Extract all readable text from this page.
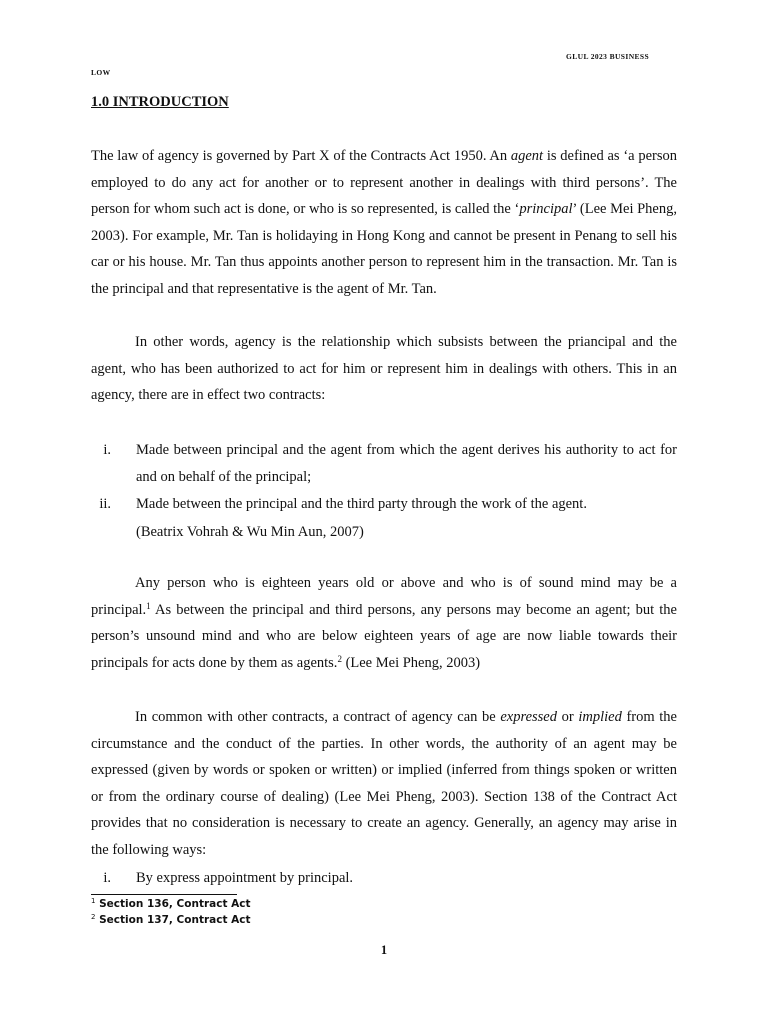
GLUL 2023 BUSINESS
LOW
1.0 INTRODUCTION

The law of agency is governed by Part X of the Contracts Act 1950. An agent is defined as ‘a person employed to do any act for another or to represent another in dealings with third persons’. The person for whom such act is done, or who is so represented, is called the ‘principal’ (Lee Mei Pheng, 2003). For example, Mr. Tan is holidaying in Hong Kong and cannot be present in Penang to sell his car or his house. Mr. Tan thus appoints another person to represent him in the transaction. Mr. Tan is the principal and that representative is the agent of Mr. Tan.

In other words, agency is the relationship which subsists between the priancipal and the agent, who has been authorized to act for him or represent him in dealings with others. This in an agency, there are in effect two contracts:

i. Made between principal and the agent from which the agent derives his authority to act for and on behalf of the principal;
ii. Made between the principal and the third party through the work of the agent.
(Beatrix Vohrah & Wu Min Aun, 2007)

Any person who is eighteen years old or above and who is of sound mind may be a principal.$^1$ As between the principal and third persons, any persons may become an agent; but the person’s unsound mind and who are below eighteen years of age are now liable towards their principals for acts done by them as agents.$^2$ (Lee Mei Pheng, 2003)

In common with other contracts, a contract of agency can be expressed or implied from the circumstance and the conduct of the parties. In other words, the authority of an agent may be expressed (given by words or spoken or written) or implied (inferred from things spoken or written or from the ordinary course of dealing) (Lee Mei Pheng, 2003). Section 138 of the Contract Act provides that no consideration is necessary to create an agency. Generally, an agency may arise in the following ways:

i. By express appointment by principal.
$^1$ Section 136, Contract Act
$^2$ Section 137, Contract Act
1
